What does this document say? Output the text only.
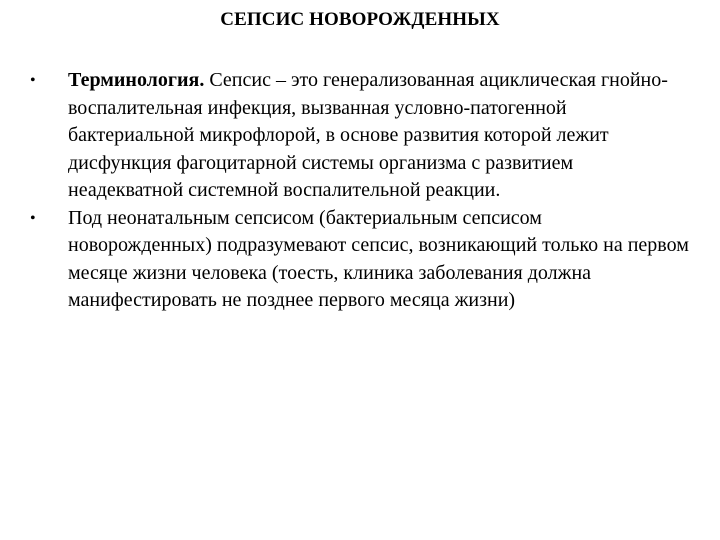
СЕПСИС НОВОРОЖДЕННЫХ
• Терминология. Сепсис – это генерализованная ациклическая гнойно-воспалительная инфекция, вызванная условно-патогенной бактериальной микрофлорой, в основе развития которой лежит дисфункция фагоцитарной системы организма с развитием неадекватной системной воспалительной реакции.
• Под неонатальным сепсисом (бактериальным сепсисом новорожденных) подразумевают сепсис, возникающий только на первом месяце жизни человека (тоесть, клиника заболевания должна манифестировать не позднее первого месяца жизни)
